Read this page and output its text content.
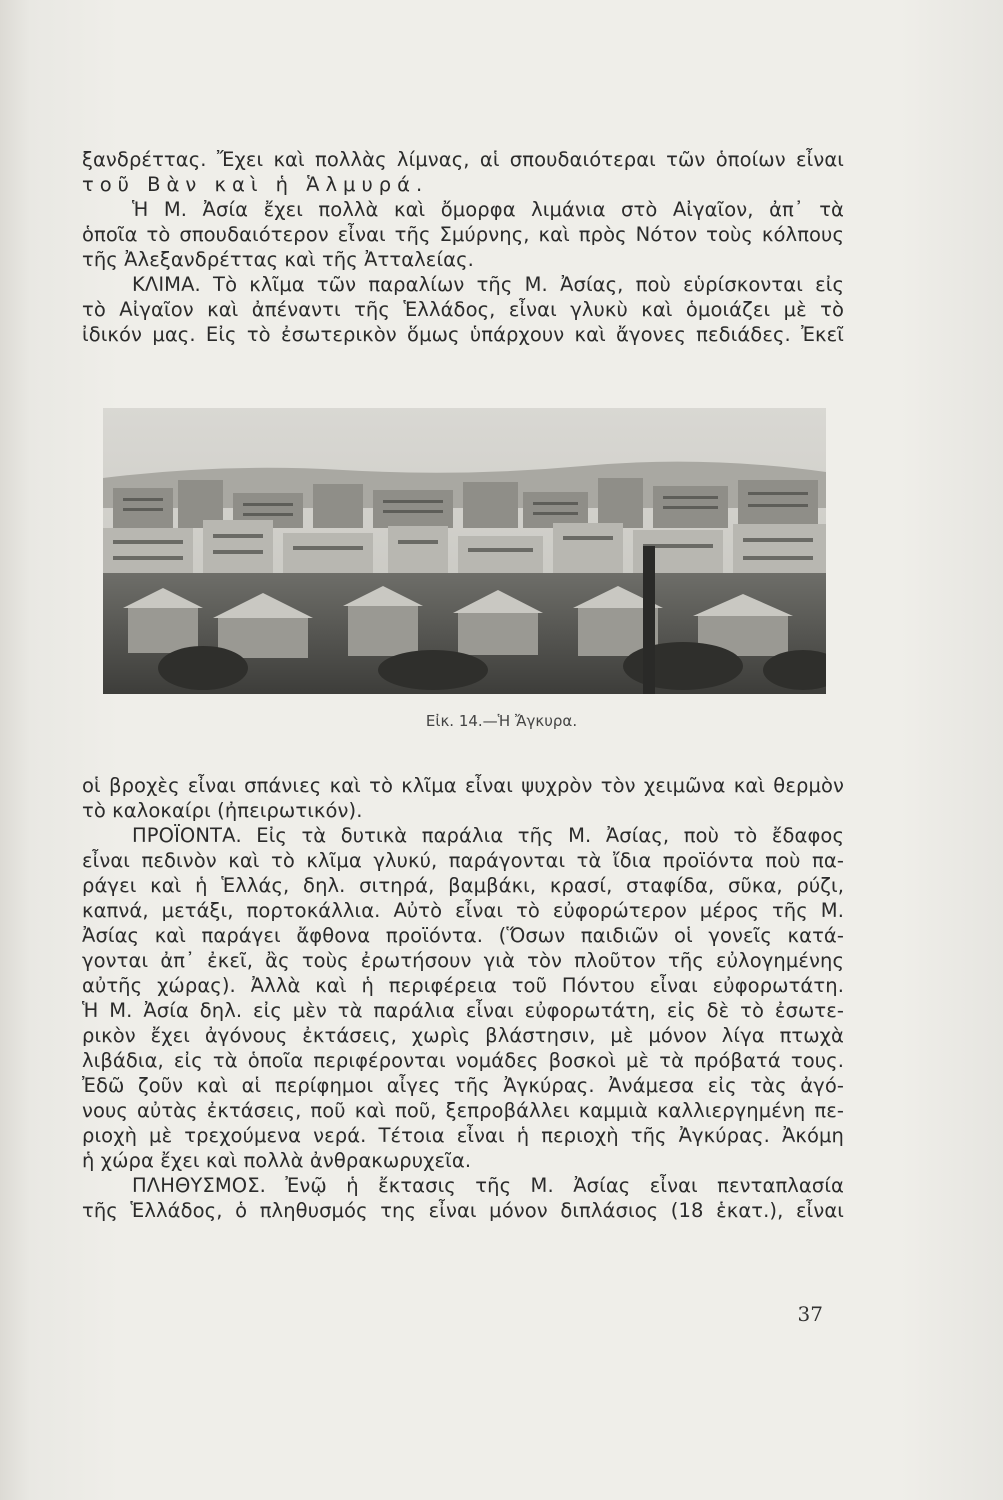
ξανδρέττας. Ἔχει καὶ πολλὰς λίμνας, αἱ σπουδαιότεραι τῶν ὁποίων εἶναι
τοῦ Βὰν καὶ ἡ Ἁλμυρά.
Ἡ Μ. Ἀσία ἔχει πολλὰ καὶ ὄμορφα λιμάνια στὸ Αἰγαῖον, ἀπ᾽ τὰ
ὁποῖα τὸ σπουδαιότερον εἶναι τῆς Σμύρνης, καὶ πρὸς Νότον τοὺς κόλπους
τῆς Ἀλεξανδρέττας καὶ τῆς Ἀτταλείας.
ΚΛΙΜΑ. Τὸ κλῖμα τῶν παραλίων τῆς Μ. Ἀσίας, ποὺ εὑρίσκονται εἰς
τὸ Αἰγαῖον καὶ ἀπέναντι τῆς Ἑλλάδος, εἶναι γλυκὺ καὶ ὁμοιάζει μὲ τὸ
ἰδικόν μας. Εἰς τὸ ἐσωτερικὸν ὅμως ὑπάρχουν καὶ ἄγονες πεδιάδες. Ἐκεῖ
Εἰκ. 14.—Ἡ Ἄγκυρα.
οἱ βροχὲς εἶναι σπάνιες καὶ τὸ κλῖμα εἶναι ψυχρὸν τὸν χειμῶνα καὶ θερμὸν
τὸ καλοκαίρι (ἠπειρωτικόν).
ΠΡΟΪΟΝΤΑ. Εἰς τὰ δυτικὰ παράλια τῆς Μ. Ἀσίας, ποὺ τὸ ἔδαφος
εἶναι πεδινὸν καὶ τὸ κλῖμα γλυκύ, παράγονται τὰ ἴδια προϊόντα ποὺ πα-
ράγει καὶ ἡ Ἑλλάς, δηλ. σιτηρά, βαμβάκι, κρασί, σταφίδα, σῦκα, ρύζι,
καπνά, μετάξι, πορτοκάλλια. Αὐτὸ εἶναι τὸ εὐφορώτερον μέρος τῆς Μ.
Ἀσίας καὶ παράγει ἄφθονα προϊόντα. (Ὅσων παιδιῶν οἱ γονεῖς κατά-
γονται ἀπ᾽ ἐκεῖ, ἂς τοὺς ἐρωτήσουν γιὰ τὸν πλοῦτον τῆς εὐλογημένης
αὐτῆς χώρας). Ἀλλὰ καὶ ἡ περιφέρεια τοῦ Πόντου εἶναι εὐφορωτάτη.
Ἡ Μ. Ἀσία δηλ. εἰς μὲν τὰ παράλια εἶναι εὐφορωτάτη, εἰς δὲ τὸ ἐσωτε-
ρικὸν ἔχει ἀγόνους ἐκτάσεις, χωρὶς βλάστησιν, μὲ μόνον λίγα πτωχὰ
λιβάδια, εἰς τὰ ὁποῖα περιφέρονται νομάδες βοσκοὶ μὲ τὰ πρόβατά τους.
Ἐδῶ ζοῦν καὶ αἱ περίφημοι αἶγες τῆς Ἀγκύρας. Ἀνάμεσα εἰς τὰς ἀγό-
νους αὐτὰς ἐκτάσεις, ποῦ καὶ ποῦ, ξεπροβάλλει καμμιὰ καλλιεργημένη πε-
ριοχὴ μὲ τρεχούμενα νερά. Τέτοια εἶναι ἡ περιοχὴ τῆς Ἀγκύρας. Ἀκόμη
ἡ χώρα ἔχει καὶ πολλὰ ἀνθρακωρυχεῖα.
ΠΛΗΘΥΣΜΟΣ. Ἐνῷ ἡ ἔκτασις τῆς Μ. Ἀσίας εἶναι πενταπλασία
τῆς Ἑλλάδος, ὁ πληθυσμός της εἶναι μόνον διπλάσιος (18 ἑκατ.), εἶναι
37
